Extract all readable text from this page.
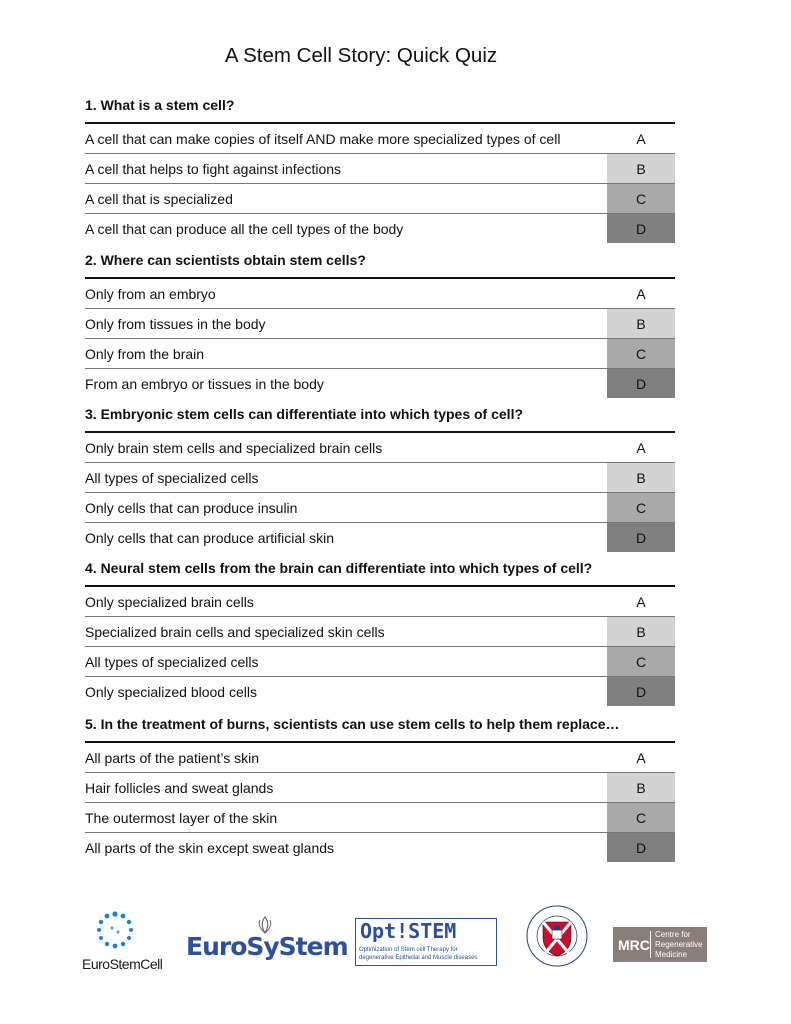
A Stem Cell Story: Quick Quiz
1. What is a stem cell?
A cell that can make copies of itself AND make more specialized types of cell	A
A cell that helps to fight against infections	B
A cell that is specialized	C
A cell that can produce all the cell types of the body	D
2. Where can scientists obtain stem cells?
Only from an embryo	A
Only from tissues in the body	B
Only from the brain	C
From an embryo or tissues in the body	D
3. Embryonic stem cells can differentiate into which types of cell?
Only brain stem cells and specialized brain cells	A
All types of specialized cells	B
Only cells that can produce insulin	C
Only cells that can produce artificial skin	D
4. Neural stem cells from the brain can differentiate into which types of cell?
Only specialized brain cells	A
Specialized brain cells and specialized skin cells	B
All types of specialized cells	C
Only specialized blood cells	D
5. In the treatment of burns, scientists can use stem cells to help them replace…
All parts of the patient’s skin	A
Hair follicles and sweat glands	B
The outermost layer of the skin	C
All parts of the skin except sweat glands	D
EuroStemCell
EuroSyStem
Opt!STEM
Optimization of Stem cell Therapy for
degenerative Epithelial and Muscle diseases
MRC
Centre for
Regenerative
Medicine
